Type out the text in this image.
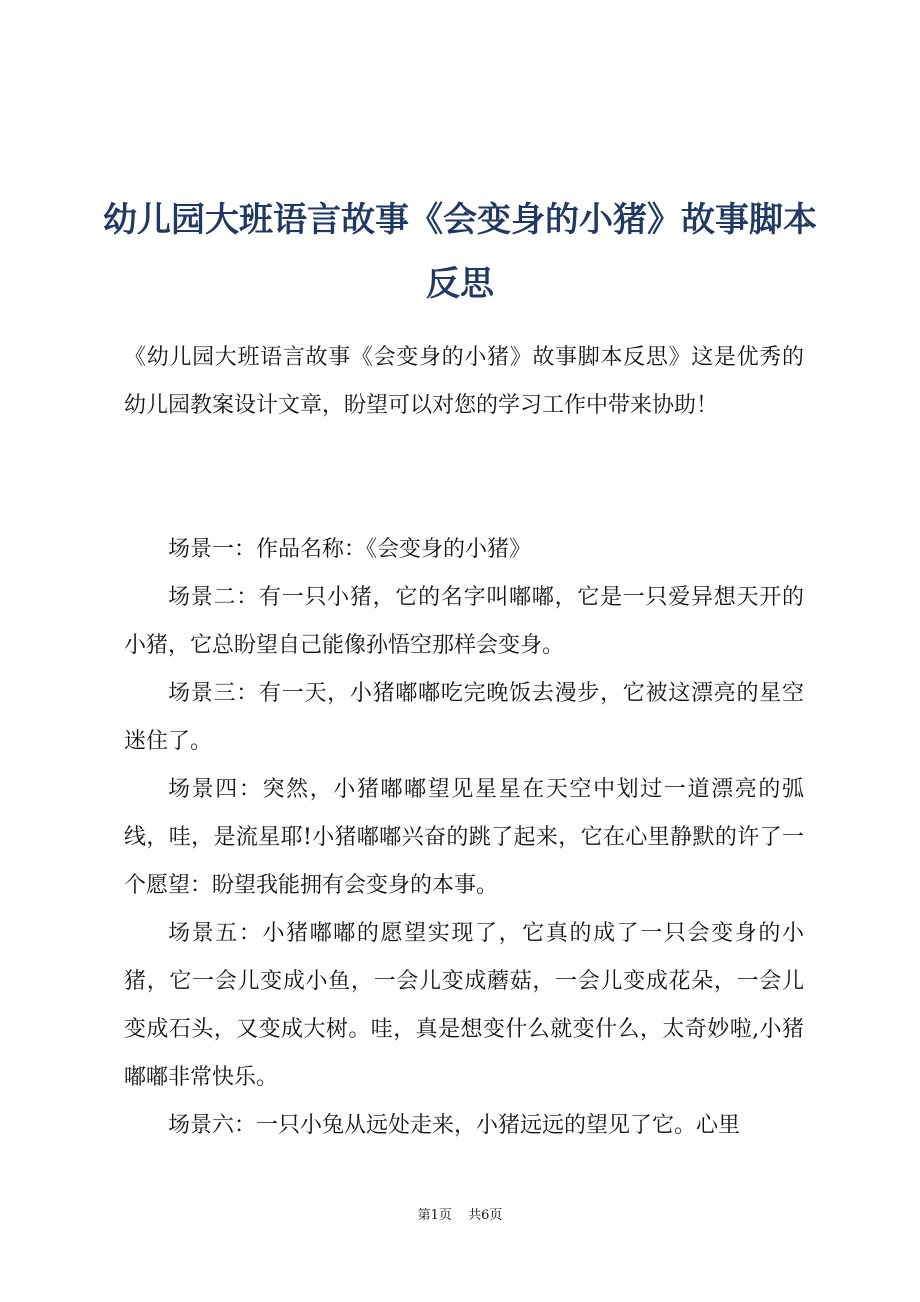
幼儿园大班语言故事《会变身的小猪》故事脚本反思

《幼儿园大班语言故事《会变身的小猪》故事脚本反思》这是优秀的幼儿园教案设计文章，盼望可以对您的学习工作中带来协助！

场景一：作品名称：《会变身的小猪》

场景二：有一只小猪，它的名字叫嘟嘟，它是一只爱异想天开的小猪，它总盼望自己能像孙悟空那样会变身。

场景三：有一天，小猪嘟嘟吃完晚饭去漫步，它被这漂亮的星空迷住了。

场景四：突然，小猪嘟嘟望见星星在天空中划过一道漂亮的弧线，哇，是流星耶!小猪嘟嘟兴奋的跳了起来，它在心里静默的许了一个愿望：盼望我能拥有会变身的本事。

场景五：小猪嘟嘟的愿望实现了，它真的成了一只会变身的小猪，它一会儿变成小鱼，一会儿变成蘑菇，一会儿变成花朵，一会儿变成石头，又变成大树。哇，真是想变什么就变什么，太奇妙啦,小猪嘟嘟非常快乐。

场景六：一只小兔从远处走来，小猪远远的望见了它。心里

第1页 共6页
